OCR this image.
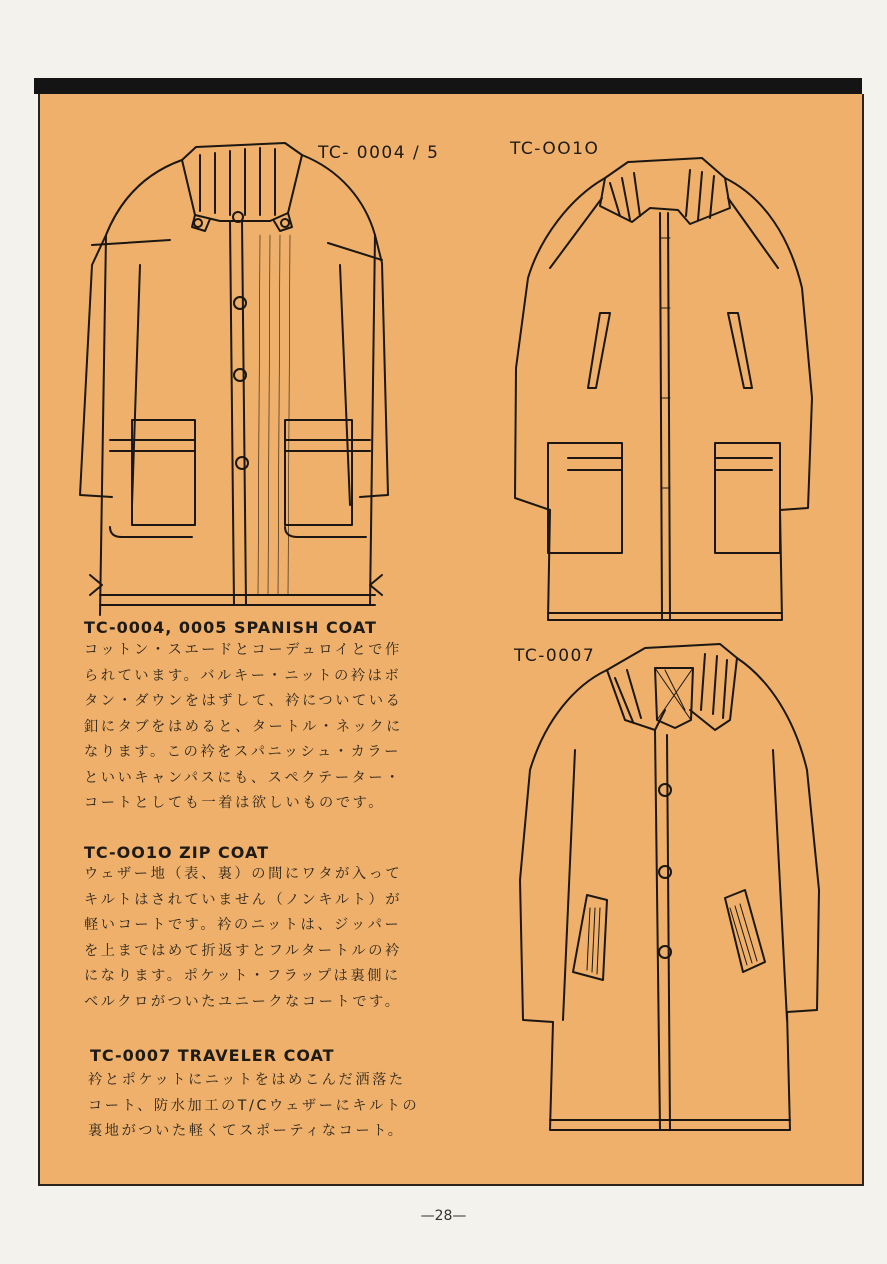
TC- 0004 / 5	TC-OO1O
TC-0007
TC-0004, 0005 SPANISH COAT
コットン・スエードとコーデュロイとで作
られています。バルキー・ニットの衿はボ
タン・ダウンをはずして、衿についている
釦にタブをはめると、タートル・ネックに
なります。この衿をスパニッシュ・カラー
といいキャンパスにも、スペクテーター・
コートとしても一着は欲しいものです。
TC-OO1O ZIP COAT
ウェザー地（表、裏）の間にワタが入って
キルトはされていません（ノンキルト）が
軽いコートです。衿のニットは、ジッパー
を上まではめて折返すとフルタートルの衿
になります。ポケット・フラップは裏側に
ベルクロがついたユニークなコートです。
TC-0007 TRAVELER COAT
衿とポケットにニットをはめこんだ洒落た
コート、防水加工のT/Cウェザーにキルトの
裏地がついた軽くてスポーティなコート。
—28—
